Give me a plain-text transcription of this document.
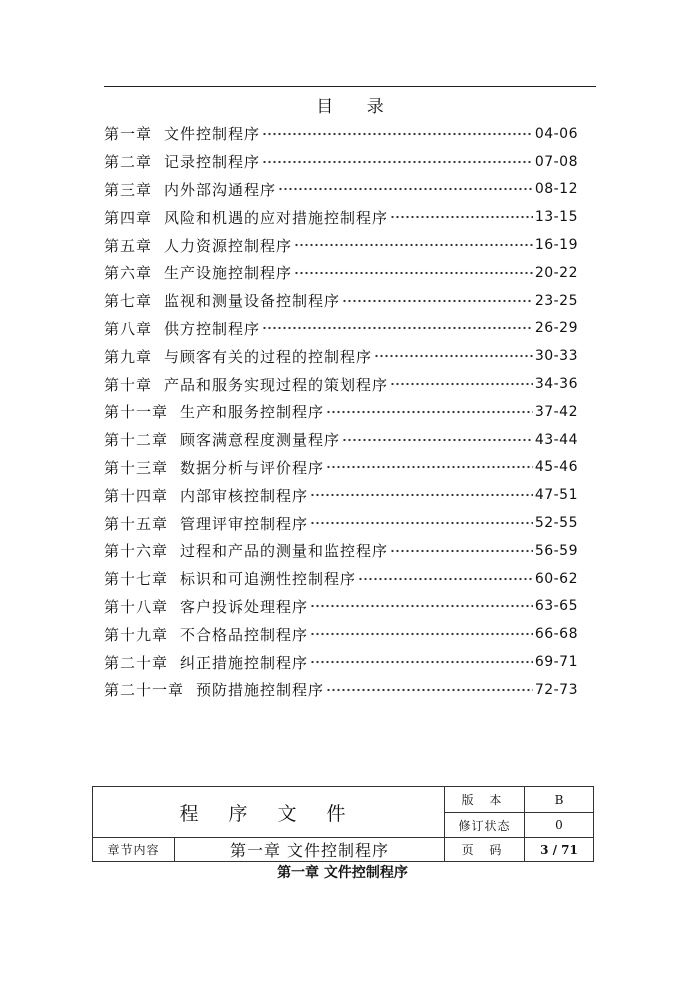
目 录
第一章 文件控制程序	04-06
第二章 记录控制程序	07-08
第三章 内外部沟通程序	08-12
第四章 风险和机遇的应对措施控制程序	13-15
第五章 人力资源控制程序	16-19
第六章 生产设施控制程序	20-22
第七章 监视和测量设备控制程序	23-25
第八章 供方控制程序	26-29
第九章 与顾客有关的过程的控制程序	30-33
第十章 产品和服务实现过程的策划程序	34-36
第十一章 生产和服务控制程序	37-42
第十二章 顾客满意程度测量程序	43-44
第十三章 数据分析与评价程序	45-46
第十四章 内部审核控制程序	47-51
第十五章 管理评审控制程序	52-55
第十六章 过程和产品的测量和监控程序	56-59
第十七章 标识和可追溯性控制程序	60-62
第十八章 客户投诉处理程序	63-65
第十九章 不合格品控制程序	66-68
第二十章 纠正措施控制程序	69-71
第二十一章 预防措施控制程序	72-73
程 序 文 件		版 本	B
		修订状态	0
章节内容	第一章 文件控制程序	页 码	3 / 71
第一章 文件控制程序
